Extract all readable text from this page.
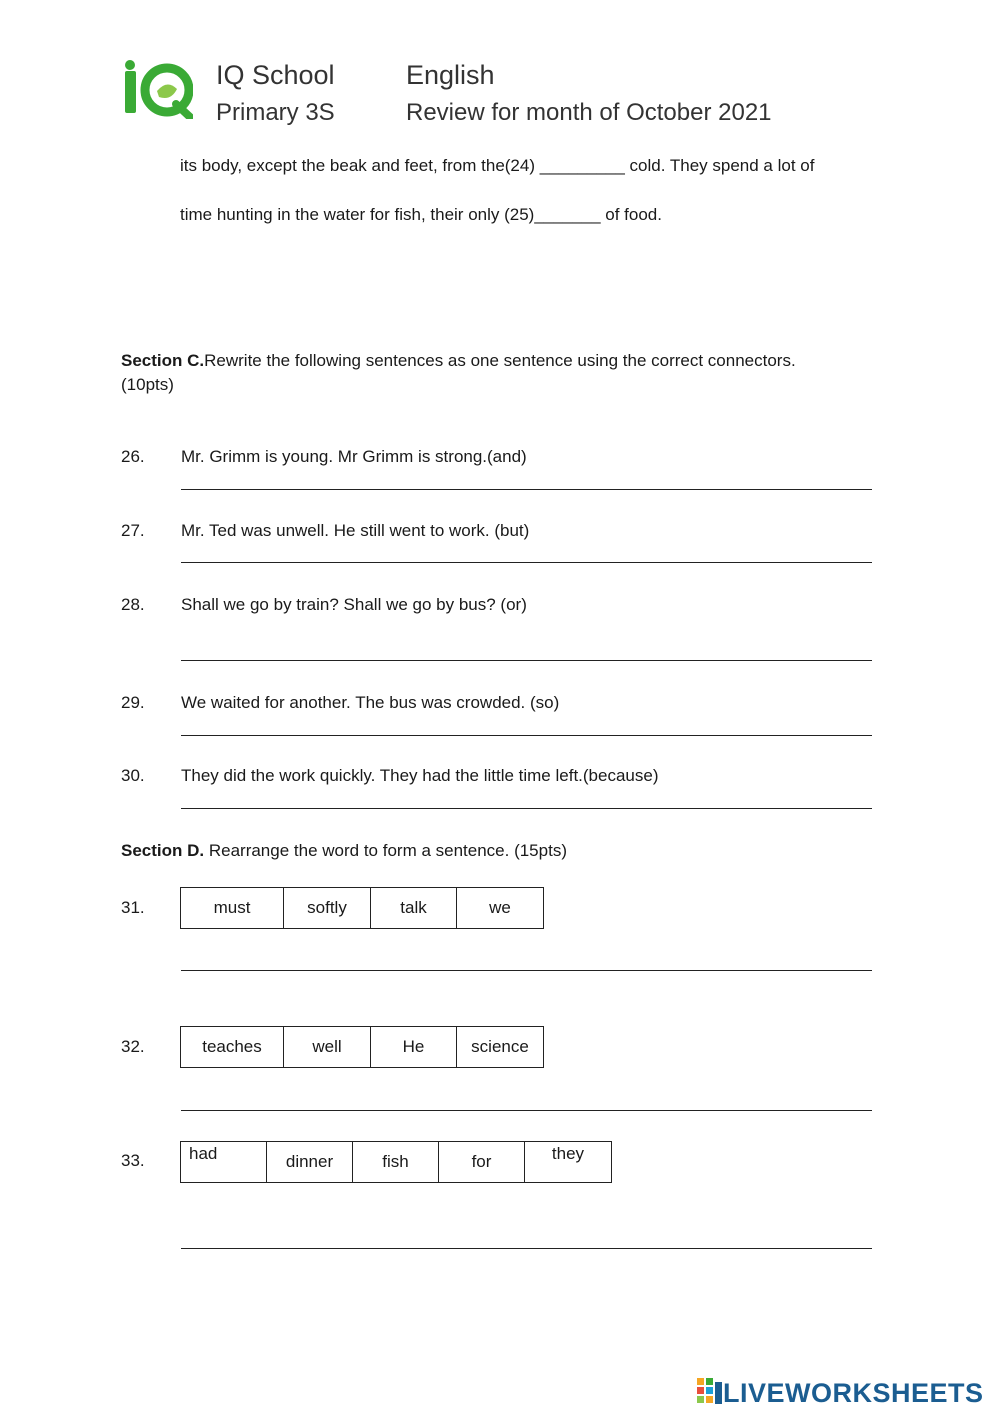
IQ School
Primary 3S
English
Review for month of October 2021
its body, except the beak and feet, from the(24) _________ cold. They spend a lot of
time hunting in the water for fish, their only (25)_______ of food.
Section C.Rewrite the following sentences as one sentence using the correct connectors.
(10pts)
26. Mr. Grimm is young. Mr Grimm is strong.(and)
27. Mr. Ted was unwell. He still went to work. (but)
28. Shall we go by train? Shall we go by bus? (or)
29. We waited for another. The bus was crowded. (so)
30. They did the work quickly. They had the little time left.(because)
Section D. Rearrange the word to form a sentence. (15pts)
31.	must	softly	talk	we
32.	teaches	well	He	science
33.	had	dinner	fish	for	they
LIVEWORKSHEETS
